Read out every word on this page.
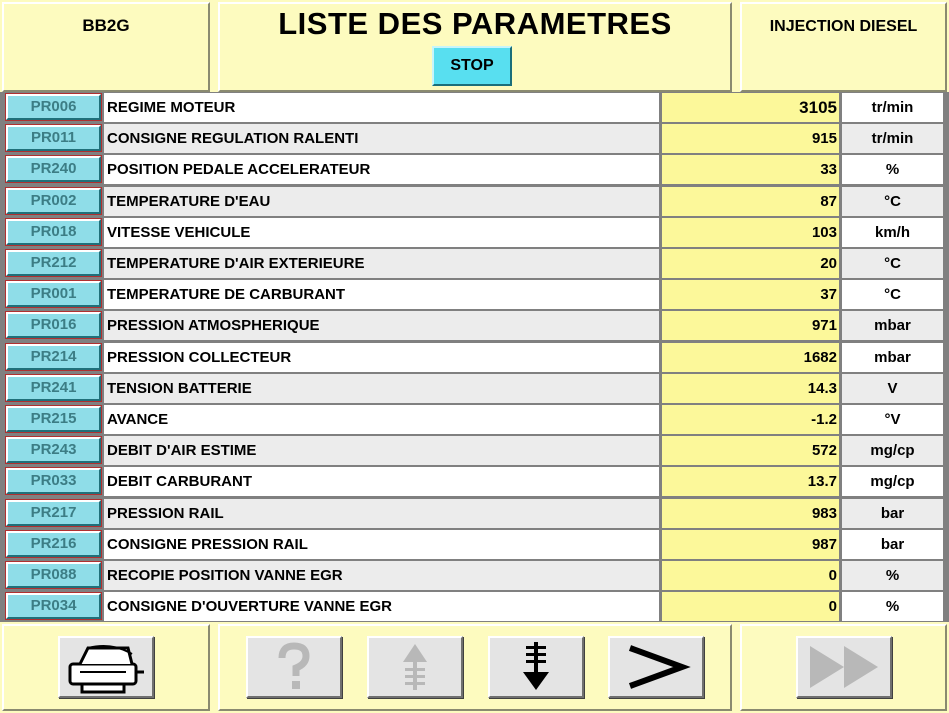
BB2G	LISTE DES PARAMETRES
STOP
INJECTION DIESEL
PR006	REGIME MOTEUR	3105	tr/min
PR011	CONSIGNE REGULATION RALENTI	915	tr/min
PR240	POSITION PEDALE ACCELERATEUR	33	%
PR002	TEMPERATURE D'EAU	87	°C
PR018	VITESSE VEHICULE	103	km/h
PR212	TEMPERATURE D'AIR EXTERIEURE	20	°C
PR001	TEMPERATURE DE CARBURANT	37	°C
PR016	PRESSION ATMOSPHERIQUE	971	mbar
PR214	PRESSION COLLECTEUR	1682	mbar
PR241	TENSION BATTERIE	14.3	V
PR215	AVANCE	-1.2	°V
PR243	DEBIT D'AIR ESTIME	572	mg/cp
PR033	DEBIT CARBURANT	13.7	mg/cp
PR217	PRESSION RAIL	983	bar
PR216	CONSIGNE PRESSION RAIL	987	bar
PR088	RECOPIE POSITION VANNE EGR	0	%
PR034	CONSIGNE D'OUVERTURE VANNE EGR	0	%
